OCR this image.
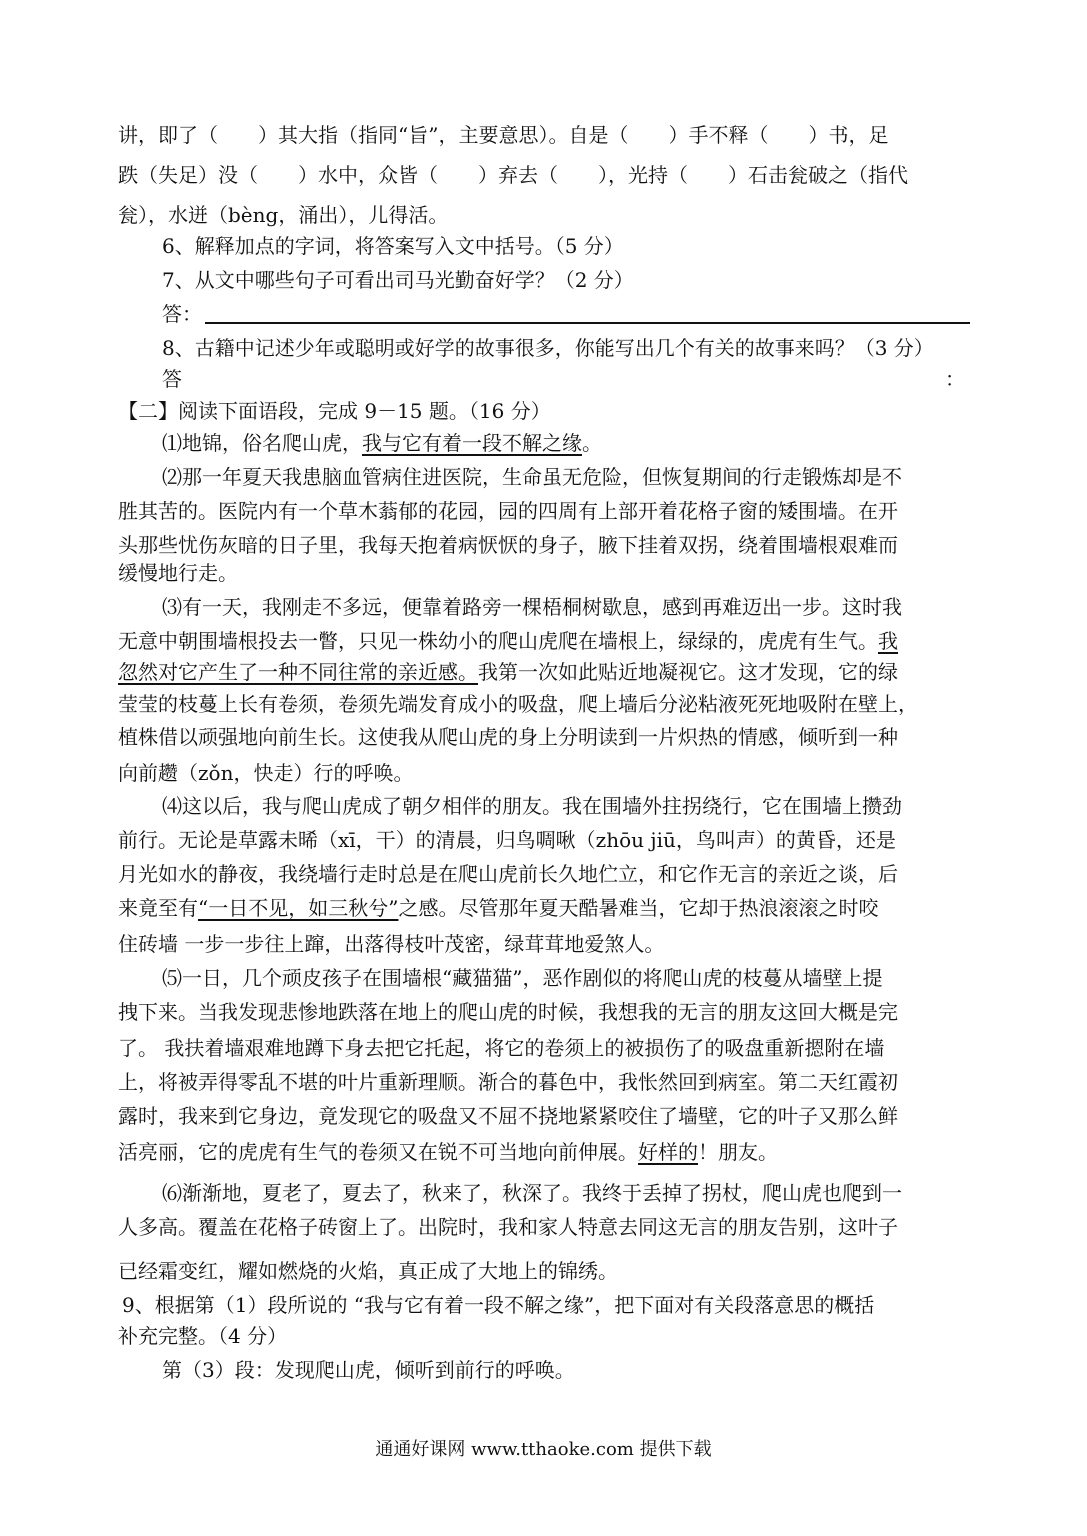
讲，即了（　　）其大指（指同“旨”，主要意思）。自是（　　）手不释（　　）书，足
跌（失足）没（　　）水中，众皆（　　）弃去（　　），光持（　　）石击瓮破之（指代
瓮），水迸（bèng，涌出），儿得活。
6、解释加点的字词，将答案写入文中括号。（5 分）
7、从文中哪些句子可看出司马光勤奋好学？（2 分）
答：
8、古籍中记述少年或聪明或好学的故事很多，你能写出几个有关的故事来吗？（3 分）
答	：
【二】阅读下面语段，完成 9－15 题。（16 分）
⑴地锦，俗名爬山虎，我与它有着一段不解之缘。
⑵那一年夏天我患脑血管病住进医院，生命虽无危险，但恢复期间的行走锻炼却是不
胜其苦的。医院内有一个草木蓊郁的花园，园的四周有上部开着花格子窗的矮围墙。在开
头那些忧伤灰暗的日子里，我每天抱着病恹恹的身子，腋下挂着双拐，绕着围墙根艰难而
缓慢地行走。
⑶有一天，我刚走不多远，便靠着路旁一棵梧桐树歇息，感到再难迈出一步。这时我
无意中朝围墙根投去一瞥，只见一株幼小的爬山虎爬在墙根上，绿绿的，虎虎有生气。我
忽然对它产生了一种不同往常的亲近感。我第一次如此贴近地凝视它。这才发现，它的绿
莹莹的枝蔓上长有卷须，卷须先端发育成小的吸盘，爬上墙后分泌粘液死死地吸附在壁上，
植株借以顽强地向前生长。这使我从爬山虎的身上分明读到一片炽热的情感，倾听到一种
向前趱（zǒn，快走）行的呼唤。
⑷这以后，我与爬山虎成了朝夕相伴的朋友。我在围墙外拄拐绕行，它在围墙上攒劲
前行。无论是草露未晞（xī，干）的清晨，归鸟啁啾（zhōu jiū，鸟叫声）的黄昏，还是
月光如水的静夜，我绕墙行走时总是在爬山虎前长久地伫立，和它作无言的亲近之谈，后
来竟至有“一日不见，如三秋兮”之感。尽管那年夏天酷暑难当，它却于热浪滚滚之时咬
住砖墙 一步一步往上蹿，出落得枝叶茂密，绿茸茸地爱煞人。
⑸一日，几个顽皮孩子在围墙根“藏猫猫”，恶作剧似的将爬山虎的枝蔓从墙壁上提
拽下来。当我发现悲惨地跌落在地上的爬山虎的时候，我想我的无言的朋友这回大概是完
了。 我扶着墙艰难地蹲下身去把它托起，将它的卷须上的被损伤了的吸盘重新摁附在墙
上，将被弄得零乱不堪的叶片重新理顺。渐合的暮色中，我怅然回到病室。第二天红霞初
露时，我来到它身边，竟发现它的吸盘又不屈不挠地紧紧咬住了墙壁，它的叶子又那么鲜
活亮丽，它的虎虎有生气的卷须又在锐不可当地向前伸展。好样的！朋友。
⑹渐渐地，夏老了，夏去了，秋来了，秋深了。我终于丢掉了拐杖，爬山虎也爬到一
人多高。覆盖在花格子砖窗上了。出院时，我和家人特意去同这无言的朋友告别，这叶子
已经霜变红，耀如燃烧的火焰，真正成了大地上的锦绣。
9、根据第（1）段所说的 “我与它有着一段不解之缘”，把下面对有关段落意思的概括
补充完整。（4 分）
第（3）段：发现爬山虎，倾听到前行的呼唤。
通通好课网 www.tthaoke.com 提供下载
